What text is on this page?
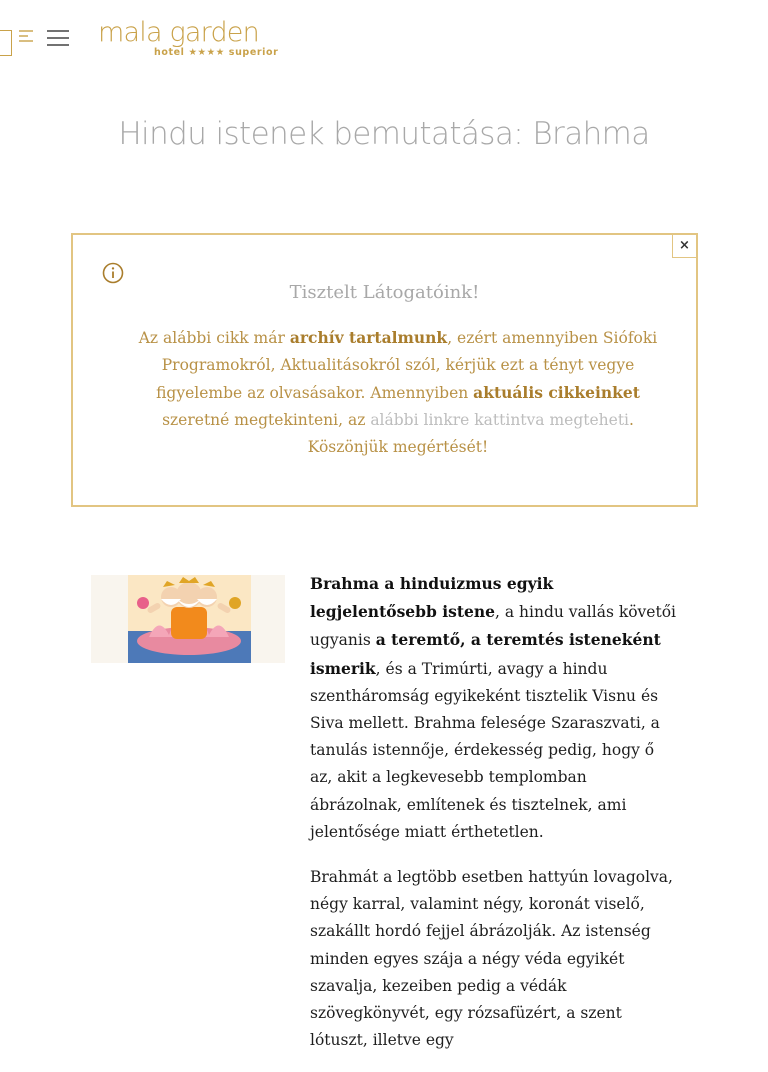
mala garden
hotel ★★★★ superior
Hindu istenek bemutatása: Brahma
×

Tisztelt Látogatóink!

Az alábbi cikk már archív tartalmunk, ezért amennyiben Siófoki Programokról, Aktualitásokról szól, kérjük ezt a tényt vegye figyelembe az olvasásakor. Amennyiben aktuális cikkeinket szeretné megtekinteni, az alábbi linkre kattintva megteheti. Köszönjük megértését!

Brahma a hinduizmus egyik legjelentősebb istene, a hindu vallás követői ugyanis a teremtő, a teremtés isteneként ismerik, és a Trimúrti, avagy a hindu szentháromság egyikeként tisztelik Visnu és Siva mellett. Brahma felesége Szaraszvati, a tanulás istennője, érdekesség pedig, hogy ő az, akit a legkevesebb templomban ábrázolnak, említenek és tisztelnek, ami jelentősége miatt érthetetlen.

Brahmát a legtöbb esetben hattyún lovagolva, négy karral, valamint négy, koronát viselő, szakállt hordó fejjel ábrázolják. Az istenség minden egyes szája a négy véda egyikét szavalja, kezeiben pedig a védák szövegkönyvét, egy rózsafüzért, a szent lótuszt, illetve egy
